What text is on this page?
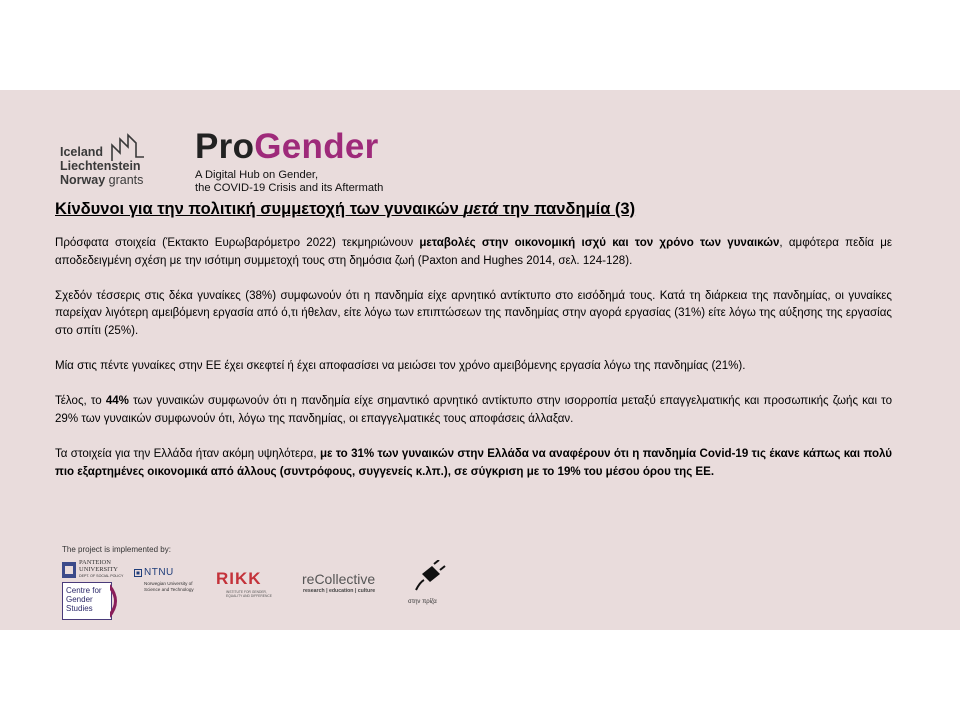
Iceland
Liechtenstein
Norway grants
ProGender
A Digital Hub on Gender,
the COVID-19 Crisis and its Aftermath
Κίνδυνοι για την πολιτική συμμετοχή των γυναικών μετά την πανδημία (3)

Πρόσφατα στοιχεία (Έκτακτο Ευρωβαρόμετρο 2022) τεκμηριώνουν μεταβολές στην οικονομική ισχύ και τον χρόνο των γυναικών, αμφότερα πεδία με αποδεδειγμένη σχέση με την ισότιμη συμμετοχή τους στη δημόσια ζωή (Paxton and Hughes 2014, σελ. 124-128).

Σχεδόν τέσσερις στις δέκα γυναίκες (38%) συμφωνούν ότι η πανδημία είχε αρνητικό αντίκτυπο στο εισόδημά τους. Κατά τη διάρκεια της πανδημίας, οι γυναίκες παρείχαν λιγότερη αμειβόμενη εργασία από ό,τι ήθελαν, είτε λόγω των επιπτώσεων της πανδημίας στην αγορά εργασίας (31%) είτε λόγω της αύξησης της εργασίας στο σπίτι (25%).

Μία στις πέντε γυναίκες στην ΕΕ έχει σκεφτεί ή έχει αποφασίσει να μειώσει τον χρόνο αμειβόμενης εργασία λόγω της πανδημίας (21%).

Τέλος, το 44% των γυναικών συμφωνούν ότι η πανδημία είχε σημαντικό αρνητικό αντίκτυπο στην ισορροπία μεταξύ επαγγελματικής και προσωπικής ζωής και το 29% των γυναικών συμφωνούν ότι, λόγω της πανδημίας, οι επαγγελματικές τους αποφάσεις άλλαξαν.

Τα στοιχεία για την Ελλάδα ήταν ακόμη υψηλότερα, με το 31% των γυναικών στην Ελλάδα να αναφέρουν ότι η πανδημία Covid-19 τις έκανε κάπως και πολύ πιο εξαρτημένες οικονομικά από άλλους (συντρόφους, συγγενείς κ.λπ.), σε σύγκριση με το 19% του μέσου όρου της ΕΕ.

The project is implemented by:

PANTEION
UNIVERSITY
DEPT. OF SOCIAL POLICY
Centre for
Gender
Studies
NTNU
Norwegian University of
Science and Technology
RIKK
INSTITUTE FOR GENDER,
EQUALITY AND DIFFERENCE
reCollective
research | education | culture
στην πρίζα
